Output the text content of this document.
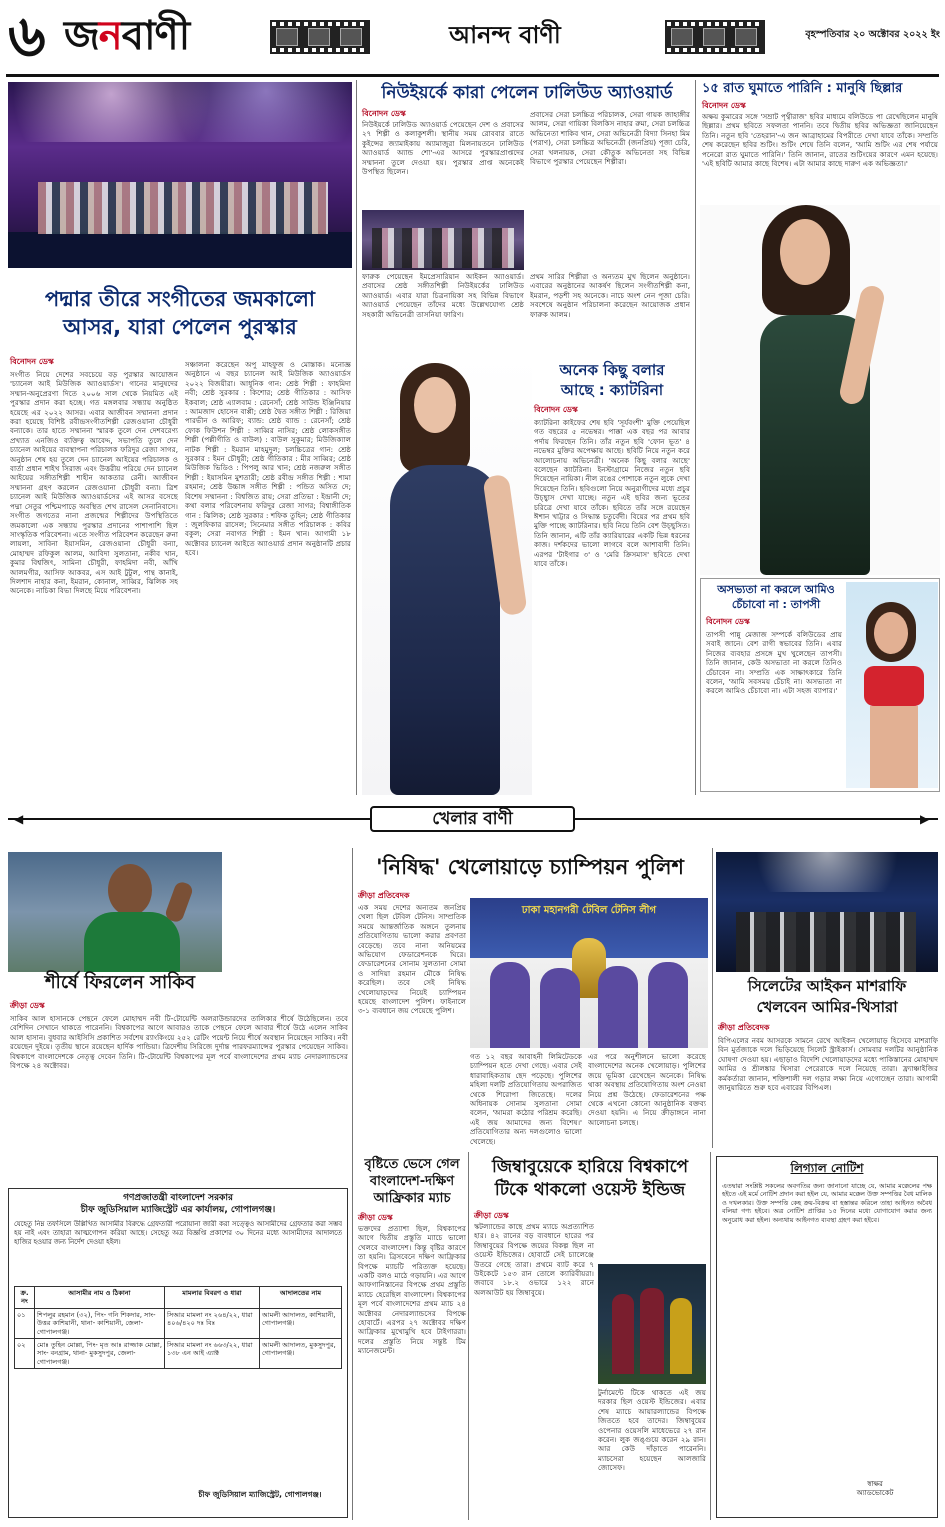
৬ জনবাণী	আনন্দ বাণী	বৃহস্পতিবার ২০ অক্টোবর ২০২২ ইং
পদ্মার তীরে সংগীতের জমকালো
আসর, যারা পেলেন পুরস্কার
বিনোদন ডেস্ক
সংগীত নিয়ে দেশের সবচেয়ে বড় পুরস্কার আয়োজন 'চ্যানেল আই মিউজিক অ্যাওয়ার্ডস'। গানের মানুষদের সম্মান-অনুপ্রেরণা দিতে ২০০৬ সাল থেকে নিয়মিত এই পুরস্কার প্রদান করা হচ্ছে। গত মঙ্গলবার সন্ধ্যায় অনুষ্ঠিত হয়েছে এর ২০২২ আসর। এবার আজীবন সম্মাননা প্রদান করা হয়েছে বিশিষ্ট রবীন্দ্রসংগীতশিল্পী রেজওয়ানা চৌধুরী বন্যাকে। তার হাতে সম্মাননা স্মারক তুলে দেন দেশবরেণ্য প্রখ্যাত এনজিও ব্যক্তিত্ব আবেদ্দ, সভাপতি তুলে দেন চ্যানেল আইয়ের ব্যবস্থাপনা পরিচালক ফরিদুর রেজা সাগর, অনুষ্ঠান শেষ হয় তুলে দেন চ্যানেল আইয়ের পরিচালক ও বার্তা প্রধান শাইখ সিরাজ এবং উত্তরীয় পরিয়ে দেন চ্যানেল আইয়ের সঙ্গীতশিল্পী শাহীন আকতার রেনী। আজীবন সম্মাননা গ্রহণ করলেন রেজওয়ানা চৌধুরী বন্যা। ত্রিশ চ্যানেল আই মিউজিক অ্যাওয়ার্ডসের এই আসর বসেছে পদ্মা সেতুর পশ্চিমপাড়ে অবস্থিত শেখ রাসেল সেনানিবাসে। সংগীত জগতের নানা প্রজন্মের শিল্পীদের উপস্থিতিতে জমকালো এক সন্ধ্যায় পুরস্কার প্রদানের পাশাপাশি ছিল সাংস্কৃতিক পরিবেশনা। এতে সংগীত পরিবেশন করেছেন রুনা লায়লা, সাবিনা ইয়াসমিন, রেজওয়ানা চৌধুরী বন্যা, মোহাম্মদ রফিকুল আলম, আবিদা সুলতানা, নকীব খান, কুমার বিশ্বজিৎ, সামিনা চৌধুরী, ফাহমিদা নবী, আঁখি আলমগীর, আসিফ আকবর, এস আই টুটুল, পান্থ কানাই, দিলশাদ নাহার কনা, ইমরান, কোনাল, সাব্বির, ঝিলিক সহ অনেকে। নাচিকা বিভা দিলছে মিয়ে পরিবেশনা।
সঞ্চালনা করেছেন অপু মাহফুজ ও মোস্তাক। মনোজ্ঞ অনুষ্ঠানে এ বছর চ্যানেল আই মিউজিক অ্যাওয়ার্ডস ২০২২ বিজয়ীরা। আধুনিক গান: শ্রেষ্ঠ শিল্পী : ফাহমিদা নবী; শ্রেষ্ঠ সুরকার : কিশোর; শ্রেষ্ঠ গীতিকার : আসিফ ইকবাল; শ্রেষ্ঠ এ্যালবাম : রেনেসাঁ; শ্রেষ্ঠ সাউন্ড ইঞ্জিনিয়ার : আমজাদ হোসেন বাপ্পী; শ্রেষ্ঠ দ্বৈত সঙ্গীত শিল্পী : রিজিয়া পারভীন ও আরিফ; ব্যান্ড: শ্রেষ্ঠ ব্যান্ড : রেনেসাঁ; শ্রেষ্ঠ ফোক ফিউশন শিল্পী : সাব্বির নাসির; শ্রেষ্ঠ লোকসঙ্গীত শিল্পী (পল্লীগীতি ও বাউল) : বাউল সুকুমার; মিউজিক্যাল নাটক শিল্পী : ইমরান মাহমুদুল; চলচ্চিত্রের গান: শ্রেষ্ঠ সুরকার : ইমন চৌধুরী; শ্রেষ্ঠ গীতিকার : মীর সাব্বির; শ্রেষ্ঠ মিউজিক ভিডিও : পিপলু আর খান; শ্রেষ্ঠ নজরুল সঙ্গীত শিল্পী : ইয়াসমিন মুশতারী; শ্রেষ্ঠ রবীন্দ্র সঙ্গীত শিল্পী : শামা রহমান; শ্রেষ্ঠ উচ্চাঙ্গ সঙ্গীত শিল্পী : পন্ডিত অসিত দে; বিশেষ সম্মাননা : বিশ্বজিত রায়; সেরা প্রতিভা : ইন্দ্রানী দে; কথা বলার পরিবেশনায় ফরিদুর রেজা সাগর; বিশ্বাঙ্গীতিক গান : ঝিলিক; শ্রেষ্ঠ সুরকার : শফিক তুহিন; শ্রেষ্ঠ গীতিকার : জুলফিকার রাসেল; সিনেমার সঙ্গীত পরিচালক : কবির বকুল; সেরা নবাগত শিল্পী : ইমন খান। আগামী ১৮ অক্টোবর চ্যানেল আইতে অ্যাওয়ার্ড প্রদান অনুষ্ঠানটি প্রচার হবে।
নিউইয়র্কে কারা পেলেন ঢালিউড অ্যাওয়ার্ড
বিনোদন ডেস্ক
নিউইয়র্কে ঢালিউড অ্যাওয়ার্ড পেয়েছেন দেশ ও প্রবাসের ২৭ শিল্পী ও কলাকুশলী। স্থানীয় সময় রোববার রাতে কুইন্সের জ্যামাইকায় অ্যামাজুরা মিলনায়তনে ঢালিউড অ্যাওয়ার্ড অ্যান্ড শো'-এর আসরে পুরস্কারপ্রাপ্তদের সম্মাননা তুলে দেওয়া হয়। পুরস্কার প্রাপ্ত অনেকেই উপস্থিত ছিলেন।
প্রবাসের সেরা চলচ্চিত্র পরিচালক, সেরা গায়ক জাহাঙ্গীর আলম, সেরা গায়িকা বিলকিস নাহার রুমা, সেরা চলচ্চিত্র অভিনেতা শাকিব খান, সেরা অভিনেত্রী বিদ্যা সিনহা মিম (পরাণ), সেরা চলচ্চিত্র অভিনেত্রী (জনপ্রিয়) পূজা চেরি, সেরা খলনায়ক, সেরা কৌতুক অভিনেতা সহ বিভিন্ন বিভাগে পুরস্কার পেয়েছেন শিল্পীরা।
ফারুক পেয়েছেন ইমপ্রেসারিয়ান আইকন অ্যাওয়ার্ড। প্রবাসের শ্রেষ্ঠ সঙ্গীতশিল্পী নিউইয়র্কের ঢালিউড অ্যাওয়ার্ড। এবার যারা চিত্রনায়িকা সহ বিভিন্ন বিভাগে অ্যাওয়ার্ড পেয়েছেন তাঁদের মধ্যে উল্লেখযোগ্য শ্রেষ্ঠ সহকারী অভিনেত্রী তাসনিয়া ফারিণ।
প্রথম সারির শিল্পীরা ও অন্যতম মুখ ছিলেন অনুষ্ঠানে। এবারের অনুষ্ঠানের আকর্ষণ ছিলেন সংগীতশিল্পী কনা, ইমরান, পড়শী সহ অনেকে। নাচে অংশ নেন পূজা চেরি। সবশেষে অনুষ্ঠান পরিচালনা করেছেন আয়োজক প্রধান ফারুক আলম।
অনেক কিছু বলার
আছে : ক্যাটরিনা
বিনোদন ডেস্ক
ক্যাটরিনা কাইফের শেষ ছবি 'সূর্যবংশী' মুক্তি পেয়েছিল গত বছরের ৫ নভেম্বর। পাক্কা এক বছর পর আবার পর্দায় ফিরছেন তিনি। তাঁর নতুন ছবি 'ফোন ভূত' ৪ নভেম্বর মুক্তির অপেক্ষায় আছে। ছবিটি নিয়ে নতুন করে আলোচনায় অভিনেত্রী। 'অনেক কিছু বলার আছে' বলেছেন ক্যাটরিনা। ইনস্টাগ্রামে নিজের নতুন ছবি দিয়েছেন নায়িকা। নীল রঙের পোশাকে নতুন লুকে দেখা দিয়েছেন তিনি। ছবিগুলো নিয়ে অনুরাগীদের মধ্যে প্রচুর উচ্ছ্বাস দেখা যাচ্ছে। নতুন এই ছবির জন্য ভূতের চরিত্রে দেখা যাবে তাঁকে। ছবিতে তাঁর সঙ্গে রয়েছেন ঈশান খাট্টার ও সিদ্ধান্ত চতুর্বেদী। বিয়ের পর প্রথম ছবি মুক্তি পাচ্ছে ক্যাটরিনার। ছবি নিয়ে তিনি বেশ উচ্ছ্বসিত। তিনি জানান, এটি তাঁর ক্যারিয়ারের একটি ভিন্ন ধরনের কাজ। দর্শকদের ভালো লাগবে বলে আশাবাদী তিনি। এরপর 'টাইগার ৩' ও 'মেরি ক্রিসমাস' ছবিতে দেখা যাবে তাঁকে।
১৫ রাত ঘুমাতে পারিনি : মানুষি ছিল্লার
বিনোদন ডেস্ক
অক্ষয় কুমারের সঙ্গে 'সম্রাট পৃথ্বীরাজ' ছবির মাধ্যমে বলিউডে পা রেখেছিলেন মানুষি ছিল্লার। প্রথম ছবিতে সফলতা পাননি। তবে দ্বিতীয় ছবির অভিজ্ঞতা জানিয়েছেন তিনি। নতুন ছবি 'তেহরান'-এ জন আব্রাহামের বিপরীতে দেখা যাবে তাঁকে। সম্প্রতি শেষ করেছেন ছবির শুটিং। শুটিং শেষে তিনি বলেন, 'আমি শুটিং এর শেষ পর্যায়ে পনেরো রাত ঘুমাতে পারিনি।' তিনি জানান, রাতের শুটিংয়ের কারণে এমন হয়েছে। 'এই ছবিটি আমার কাছে বিশেষ। এটা আমার কাছে দারুণ এক অভিজ্ঞতা।'
অসভ্যতা না করলে আমিও
চেঁচাবো না : তাপসী
বিনোদন ডেস্ক
তাপসী পান্নু মেজাজ সম্পর্কে বলিউডের প্রায় সবাই জানে। বেশ রাগী স্বভাবের তিনি। এবার নিজের ব্যবহার প্রসঙ্গে মুখ খুলেছেন তাপসী। তিনি জানান, কেউ অসভ্যতা না করলে তিনিও চেঁচাবেন না। সম্প্রতি এক সাক্ষাৎকারে তিনি বলেন, 'আমি সবসময় চেঁচাই না। অসভ্যতা না করলে আমিও চেঁচাবো না। এটা সহজ ব্যাপার।'
◀	▶
খেলার বাণী
শীর্ষে ফিরলেন সাকিব
ক্রীড়া ডেস্ক
সাকিব আল হাসানকে পেছনে ফেলে মোহাম্মদ নবী টি-টোয়েন্টি অলরাউন্ডারদের তালিকার শীর্ষে উঠেছিলেন। তবে বেশিদিন সেখানে থাকতে পারেননি। বিশ্বকাপের আগে আবারও তাকে পেছনে ফেলে আবার শীর্ষে উঠে এলেন সাকিব আল হাসান। বুধবার আইসিসি প্রকাশিত সর্বশেষ র‍্যাংকিংয়ে ২৫২ রেটিং পয়েন্ট নিয়ে শীর্ষে অবস্থান নিয়েছেন সাকিব। নবী রয়েছেন দুইয়ে। তৃতীয় স্থানে রয়েছেন হার্দিক পান্ডিয়া। ত্রিদেশীয় সিরিজে দুর্দান্ত পারফরম্যান্সের পুরস্কার পেয়েছেন সাকিব। বিশ্বকাপে বাংলাদেশকে নেতৃত্ব দেবেন তিনি। টি-টোয়েন্টি বিশ্বকাপের মূল পর্বে বাংলাদেশের প্রথম ম্যাচ নেদারল্যান্ডসের বিপক্ষে ২৪ অক্টোবর।
গণপ্রজাতন্ত্রী বাংলাদেশ সরকার
চীফ জুডিসিয়াল ম্যাজিস্ট্রেট এর কার্যালয়, গোপালগঞ্জ।
যেহেতু নিম্ন তফসিলে উল্লিখিত আসামীর বিরুদ্ধে গ্রেফতারী পরোয়ানা জারী করা সত্ত্বেও আসামীদের গ্রেফতার করা সম্ভব হয় নাই এবং তাহারা আত্মগোপন করিয়া আছে। সেহেতু অত্র বিজ্ঞপ্তি প্রকাশের ৩০ দিনের মধ্যে আসামীদের আদালতে হাজির হওয়ার জন্য নির্দেশ দেওয়া হইল।
ক্র. নং	আসামীর নাম ও ঠিকানা	মামলার বিবরণ ও ধারা	আদালতের নাম
০১	শিপলুর রহমান (৩২), পিং- গনি শিকদার, সাং- উত্তর কাশিয়ানী, থানা- কাশিয়ানী, জেলা- গোপালগঞ্জ।	সিআর মামলা নং ২৬৪/২২, ধারা ৪০৬/৪২০ দঃ বিঃ	আমলী আদালত, কাশিয়ানী, গোপালগঞ্জ।
০২	মোঃ তুহিন মোল্লা, পিং- মৃত আঃ রাজ্জাক মোল্লা, সাং- বনগ্রাম, থানা- মুকসুদপুর, জেলা- গোপালগঞ্জ।	সিআর মামলা নং ৬৬৩/২২, ধারা ১৩৮ এন আই এ্যাক্ট	আমলী আদালত, মুকসুদপুর, গোপালগঞ্জ।
চীফ জুডিসিয়াল ম্যাজিস্ট্রেট, গোপালগঞ্জ।
'নিষিদ্ধ' খেলোয়াড়ে চ্যাম্পিয়ন পুলিশ
ক্রীড়া প্রতিবেদক
এক সময় দেশের অন্যতম জনপ্রিয় খেলা ছিল টেবিল টেনিস। সাম্প্রতিক সময়ে আন্তর্জাতিক অঙ্গনে তুলনায় প্রতিযোগিতায় ভালো করার প্রবণতা বেড়েছে। তবে নানা অনিয়মের অভিযোগ ফেডারেশনকে ঘিরে। ফেডারেশনের সোনাম সুলতানা সোমা ও সাদিয়া রহমান মৌকে নিষিদ্ধ করেছিল। তবে সেই নিষিদ্ধ খেলোয়াড়দের নিয়েই চ্যাম্পিয়ন হয়েছে বাংলাদেশ পুলিশ। ফাইনালে ৩-১ ব্যবধানে জয় পেয়েছে পুলিশ।
ঢাকা মহানগরী টেবিল টেনিস লীগ
গত ১২ বছর আবাহনী লিমিটেডকে চ্যাম্পিয়ন হতে দেখা গেছে। এবার সেই ধারাবাহিকতায় ছেদ পড়েছে। পুলিশের মহিলা দলটি প্রতিযোগিতায় অপরাজিত থেকে শিরোপা জিতেছে। দলের অধিনায়ক সোনাম সুলতানা সোমা বলেন, 'আমরা কঠোর পরিশ্রম করেছি। এই জয় আমাদের জন্য বিশেষ।' প্রতিযোগিতার অন্য দলগুলোও ভালো খেলেছে।
এর পরে অনুশীলনে ভালো করেছে বাংলাদেশের অনেক খেলোয়াড়। পুলিশের জয়ে ভূমিকা রেখেছেন অনেকে। নিষিদ্ধ থাকা অবস্থায় প্রতিযোগিতায় অংশ নেওয়া নিয়ে প্রশ্ন উঠেছে। ফেডারেশনের পক্ষ থেকে এখনো কোনো আনুষ্ঠানিক বক্তব্য দেওয়া হয়নি। এ নিয়ে ক্রীড়াঙ্গনে নানা আলোচনা চলছে।
বৃষ্টিতে ভেসে গেল
বাংলাদেশ-দক্ষিণ
আফ্রিকার ম্যাচ
ক্রীড়া ডেস্ক
ভক্তদের প্রত্যাশা ছিল, বিশ্বকাপের আগে দ্বিতীয় প্রস্তুতি ম্যাচে ভালো খেলবে বাংলাদেশ। কিন্তু বৃষ্টির কারণে তা হয়নি। ব্রিসবেনে দক্ষিণ আফ্রিকার বিপক্ষে ম্যাচটি পরিত্যক্ত হয়েছে। একটি বলও মাঠে গড়ায়নি। এর আগে আফগানিস্তানের বিপক্ষে প্রথম প্রস্তুতি ম্যাচে হেরেছিল বাংলাদেশ। বিশ্বকাপের মূল পর্বে বাংলাদেশের প্রথম ম্যাচ ২৪ অক্টোবর নেদারল্যান্ডসের বিপক্ষে হোবার্টে। এরপর ২৭ অক্টোবর দক্ষিণ আফ্রিকার মুখোমুখি হবে টাইগাররা। দলের প্রস্তুতি নিয়ে সন্তুষ্ট টিম ম্যানেজমেন্ট।
জিম্বাবুয়েকে হারিয়ে বিশ্বকাপে
টিকে থাকলো ওয়েস্ট ইন্ডিজ
ক্রীড়া ডেস্ক
স্কটল্যান্ডের কাছে প্রথম ম্যাচে অপ্রত্যাশিত হার। ৪২ রানের বড় ব্যবধানে হারের পর জিম্বাবুয়ের বিপক্ষে জয়ের বিকল্প ছিল না ওয়েস্ট ইন্ডিজের। হোবার্টে সেই চ্যালেঞ্জে উতরে গেছে তারা। প্রথমে ব্যাট করে ৭ উইকেটে ১৫৩ রান তোলে ক্যারিবীয়রা। জবাবে ১৮.২ ওভারে ১২২ রানে অলআউট হয় জিম্বাবুয়ে।
টুর্নামেন্টে টিকে থাকতে এই জয় দরকার ছিল ওয়েস্ট ইন্ডিজের। এবার শেষ ম্যাচে আয়ারল্যান্ডের বিপক্ষে জিততে হবে তাদের। জিম্বাবুয়ের ওপেনার ওয়েসলি মাধেভেরে ২৭ রান করেন। লুক জঙ্গুয়ে করেন ২৯ রান। আর কেউ দাঁড়াতে পারেননি। ম্যাচসেরা হয়েছেন আলজারি জোসেফ।
সিলেটের আইকন মাশরাফি
খেলবেন আমির-থিসারা
ক্রীড়া প্রতিবেদক
বিপিএলের নবম আসরকে সামনে রেখে আইকন খেলোয়াড় হিসেবে মাশরাফি বিন মুর্তজাকে দলে ভিড়িয়েছে সিলেট স্ট্রাইকার্স। সোমবার দলটির আনুষ্ঠানিক ঘোষণা দেওয়া হয়। এছাড়াও বিদেশি খেলোয়াড়দের মধ্যে পাকিস্তানের মোহাম্মদ আমির ও শ্রীলঙ্কার থিসারা পেরেরাকে দলে নিয়েছে তারা। ফ্র্যাঞ্চাইজির কর্মকর্তারা জানান, শক্তিশালী দল গড়ার লক্ষ্য নিয়ে এগোচ্ছেন তারা। আগামী জানুয়ারিতে শুরু হবে এবারের বিপিএল।
লিগ্যাল নোটিশ
এতদ্বারা সংশ্লিষ্ট সকলের অবগতির জন্য জানানো যাচ্ছে যে, আমার মক্কেলের পক্ষ হইতে এই মর্মে নোটিশ প্রদান করা হইল যে, আমার মক্কেল উক্ত সম্পত্তির বৈধ মালিক ও দখলকার। উক্ত সম্পত্তি কেহ ক্রয়-বিক্রয় বা হস্তান্তর করিলে তাহা আইনত অবৈধ বলিয়া গণ্য হইবে। অত্র নোটিশ প্রাপ্তির ১৫ দিনের মধ্যে যোগাযোগ করার জন্য অনুরোধ করা হইল। অন্যথায় আইনগত ব্যবস্থা গ্রহণ করা হইবে।
স্বাক্ষর
অ্যাডভোকেট
